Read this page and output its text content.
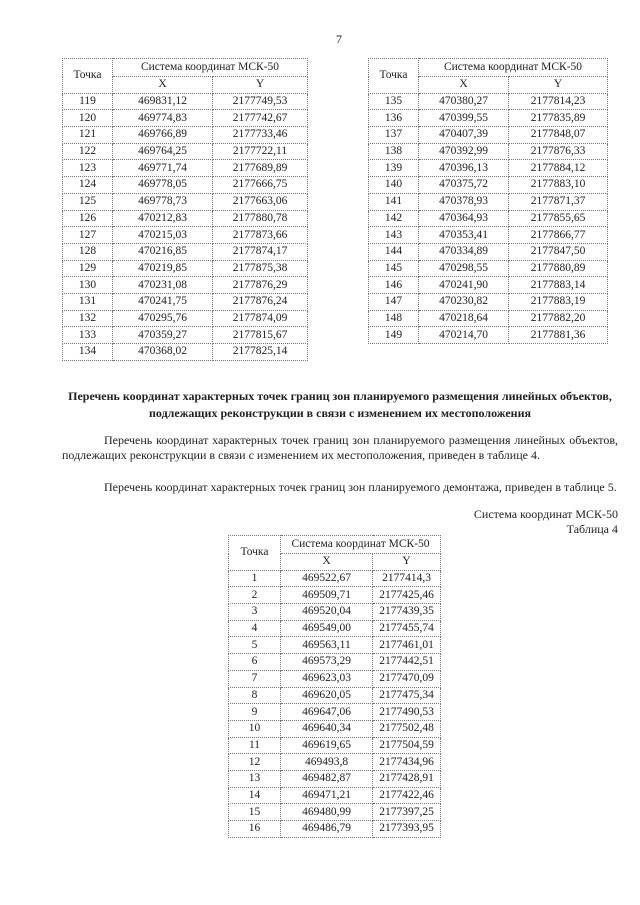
7
Точка	Система координат МСК-50	
	X	Y
119	469831,12	2177749,53
120	469774,83	2177742,67
121	469766,89	2177733,46
122	469764,25	2177722,11
123	469771,74	2177689,89
124	469778,05	2177666,75
125	469778,73	2177663,06
126	470212,83	2177880,78
127	470215,03	2177873,66
128	470216,85	2177874,17
129	470219,85	2177875,38
130	470231,08	2177876,29
131	470241,75	2177876,24
132	470295,76	2177874,09
133	470359,27	2177815,67
134	470368,02	2177825,14
Точка	Система координат МСК-50	
	X	Y
135	470380,27	2177814,23
136	470399,55	2177835,89
137	470407,39	2177848,07
138	470392,99	2177876,33
139	470396,13	2177884,12
140	470375,72	2177883,10
141	470378,93	2177871,37
142	470364,93	2177855,65
143	470353,41	2177866,77
144	470334,89	2177847,50
145	470298,55	2177880,89
146	470241,90	2177883,14
147	470230,82	2177883,19
148	470218,64	2177882,20
149	470214,70	2177881,36
Перечень координат характерных точек границ зон планируемого размещения линейных объектов, подлежащих реконструкции в связи с изменением их местоположения
Перечень координат характерных точек границ зон планируемого размещения линейных объектов, подлежащих реконструкции в связи с изменением их местоположения, приведен в таблице 4.
Перечень координат характерных точек границ зон планируемого демонтажа, приведен в таблице 5.
Система координат МСК-50
Таблица 4
Точка	Система координат МСК-50	
	X	Y
1	469522,67	2177414,3
2	469509,71	2177425,46
3	469520,04	2177439,35
4	469549,00	2177455,74
5	469563,11	2177461,01
6	469573,29	2177442,51
7	469623,03	2177470,09
8	469620,05	2177475,34
9	469647,06	2177490,53
10	469640,34	2177502,48
11	469619,65	2177504,59
12	469493,8	2177434,96
13	469482,87	2177428,91
14	469471,21	2177422,46
15	469480,99	2177397,25
16	469486,79	2177393,95
